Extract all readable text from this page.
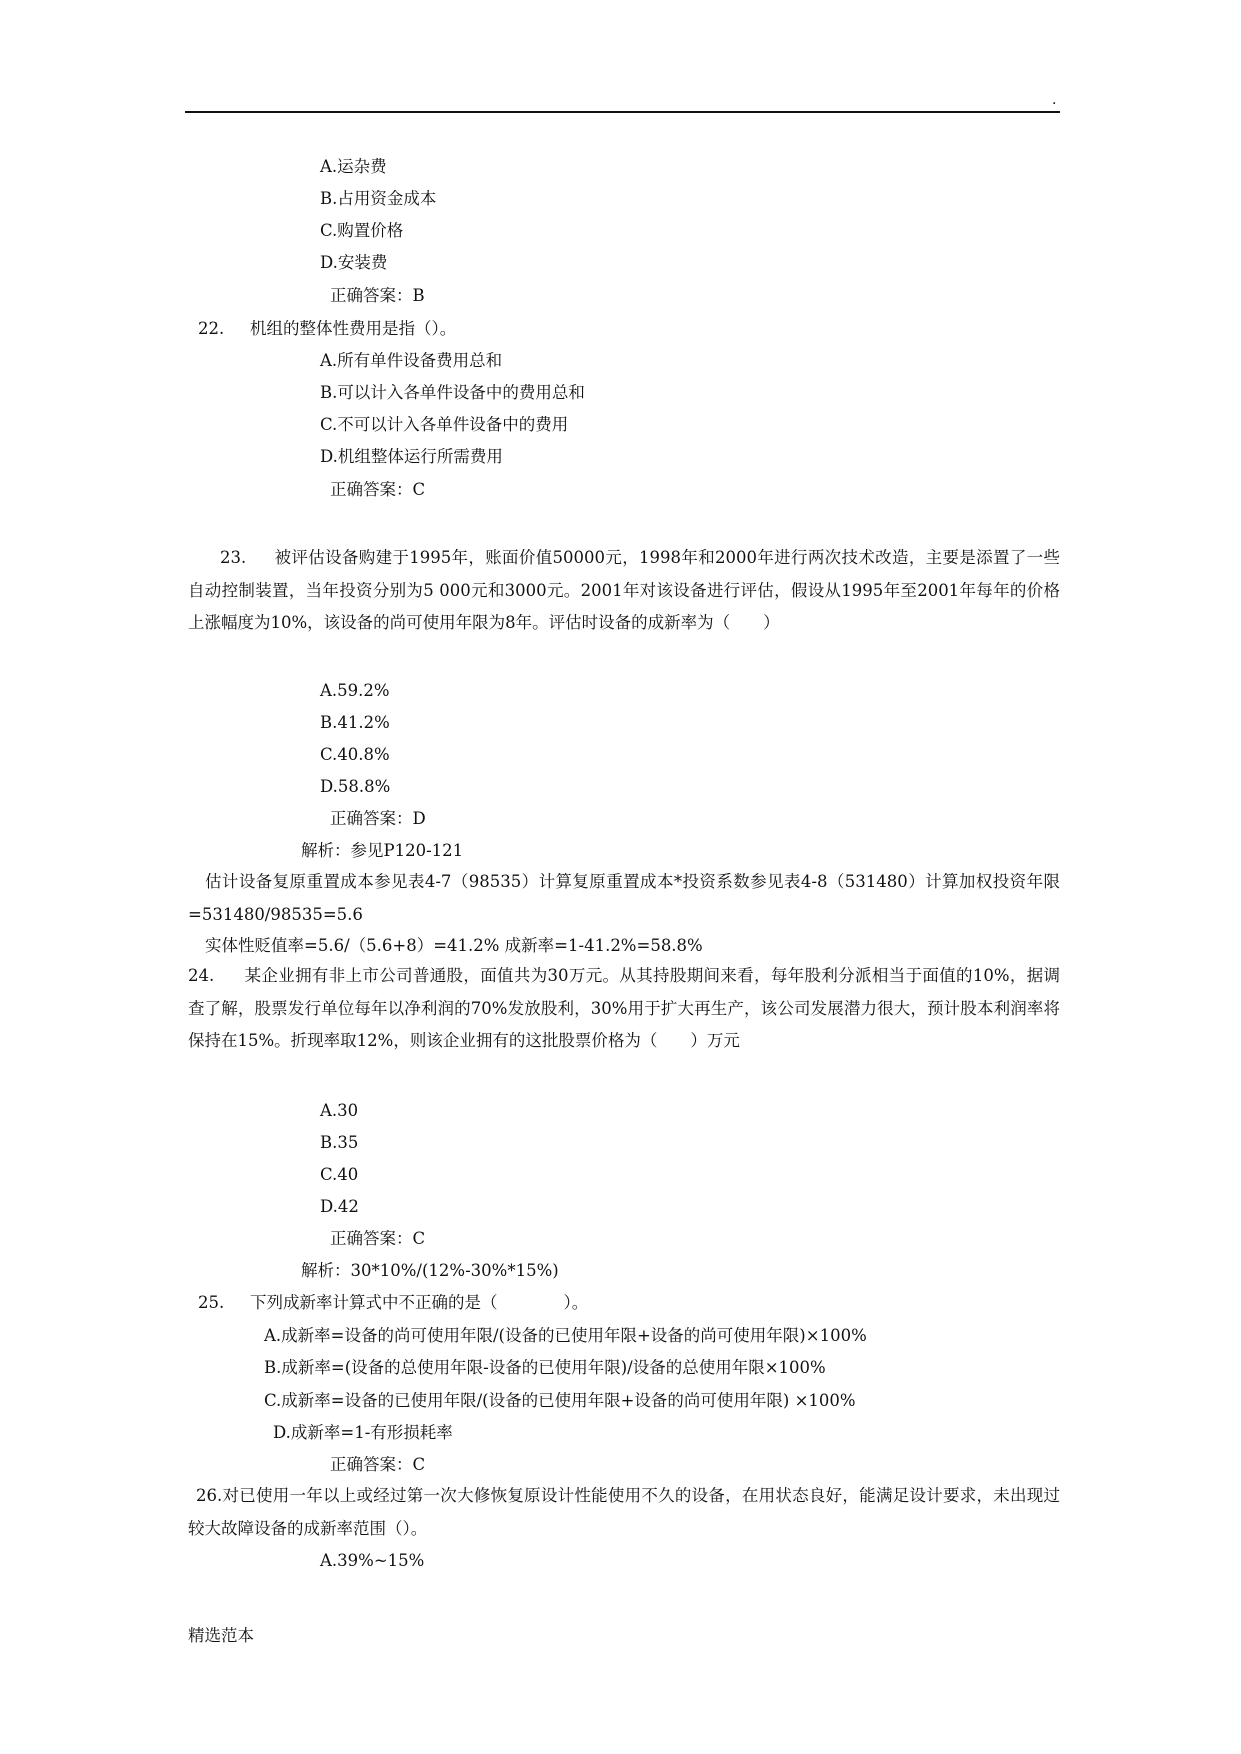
.
A.运杂费
B.占用资金成本
C.购置价格
D.安装费
正确答案：B
22. 机组的整体性费用是指（）。
A.所有单件设备费用总和
B.可以计入各单件设备中的费用总和
C.不可以计入各单件设备中的费用
D.机组整体运行所需费用
正确答案：C
23. 被评估设备购建于1995年，账面价值50000元，1998年和2000年进行两次技术改造，主要是添置了一些自动控制装置，当年投资分别为5 000元和3000元。2001年对该设备进行评估，假设从1995年至2001年每年的价格上涨幅度为10%，该设备的尚可使用年限为8年。评估时设备的成新率为（　　）
A.59.2%
B.41.2%
C.40.8%
D.58.8%
正确答案：D
解析：参见P120-121
估计设备复原重置成本参见表4-7（98535）计算复原重置成本*投资系数参见表4-8（531480）计算加权投资年限=531480/98535=5.6
实体性贬值率=5.6/（5.6+8）=41.2% 成新率=1-41.2%=58.8%
24. 某企业拥有非上市公司普通股，面值共为30万元。从其持股期间来看，每年股利分派相当于面值的10%，据调查了解，股票发行单位每年以净利润的70%发放股利，30%用于扩大再生产，该公司发展潜力很大，预计股本利润率将保持在15%。折现率取12%，则该企业拥有的这批股票价格为（　　）万元
A.30
B.35
C.40
D.42
正确答案：C
解析：30*10%/(12%-30%*15%)
25. 下列成新率计算式中不正确的是（　　　　）。
A.成新率=设备的尚可使用年限/(设备的已使用年限+设备的尚可使用年限)×100%
B.成新率=(设备的总使用年限-设备的已使用年限)/设备的总使用年限×100%
C.成新率=设备的已使用年限/(设备的已使用年限+设备的尚可使用年限) ×100%
D.成新率=1-有形损耗率
正确答案：C
26.对已使用一年以上或经过第一次大修恢复原设计性能使用不久的设备，在用状态良好，能满足设计要求，未出现过较大故障设备的成新率范围（）。
A.39%~15%
精选范本
